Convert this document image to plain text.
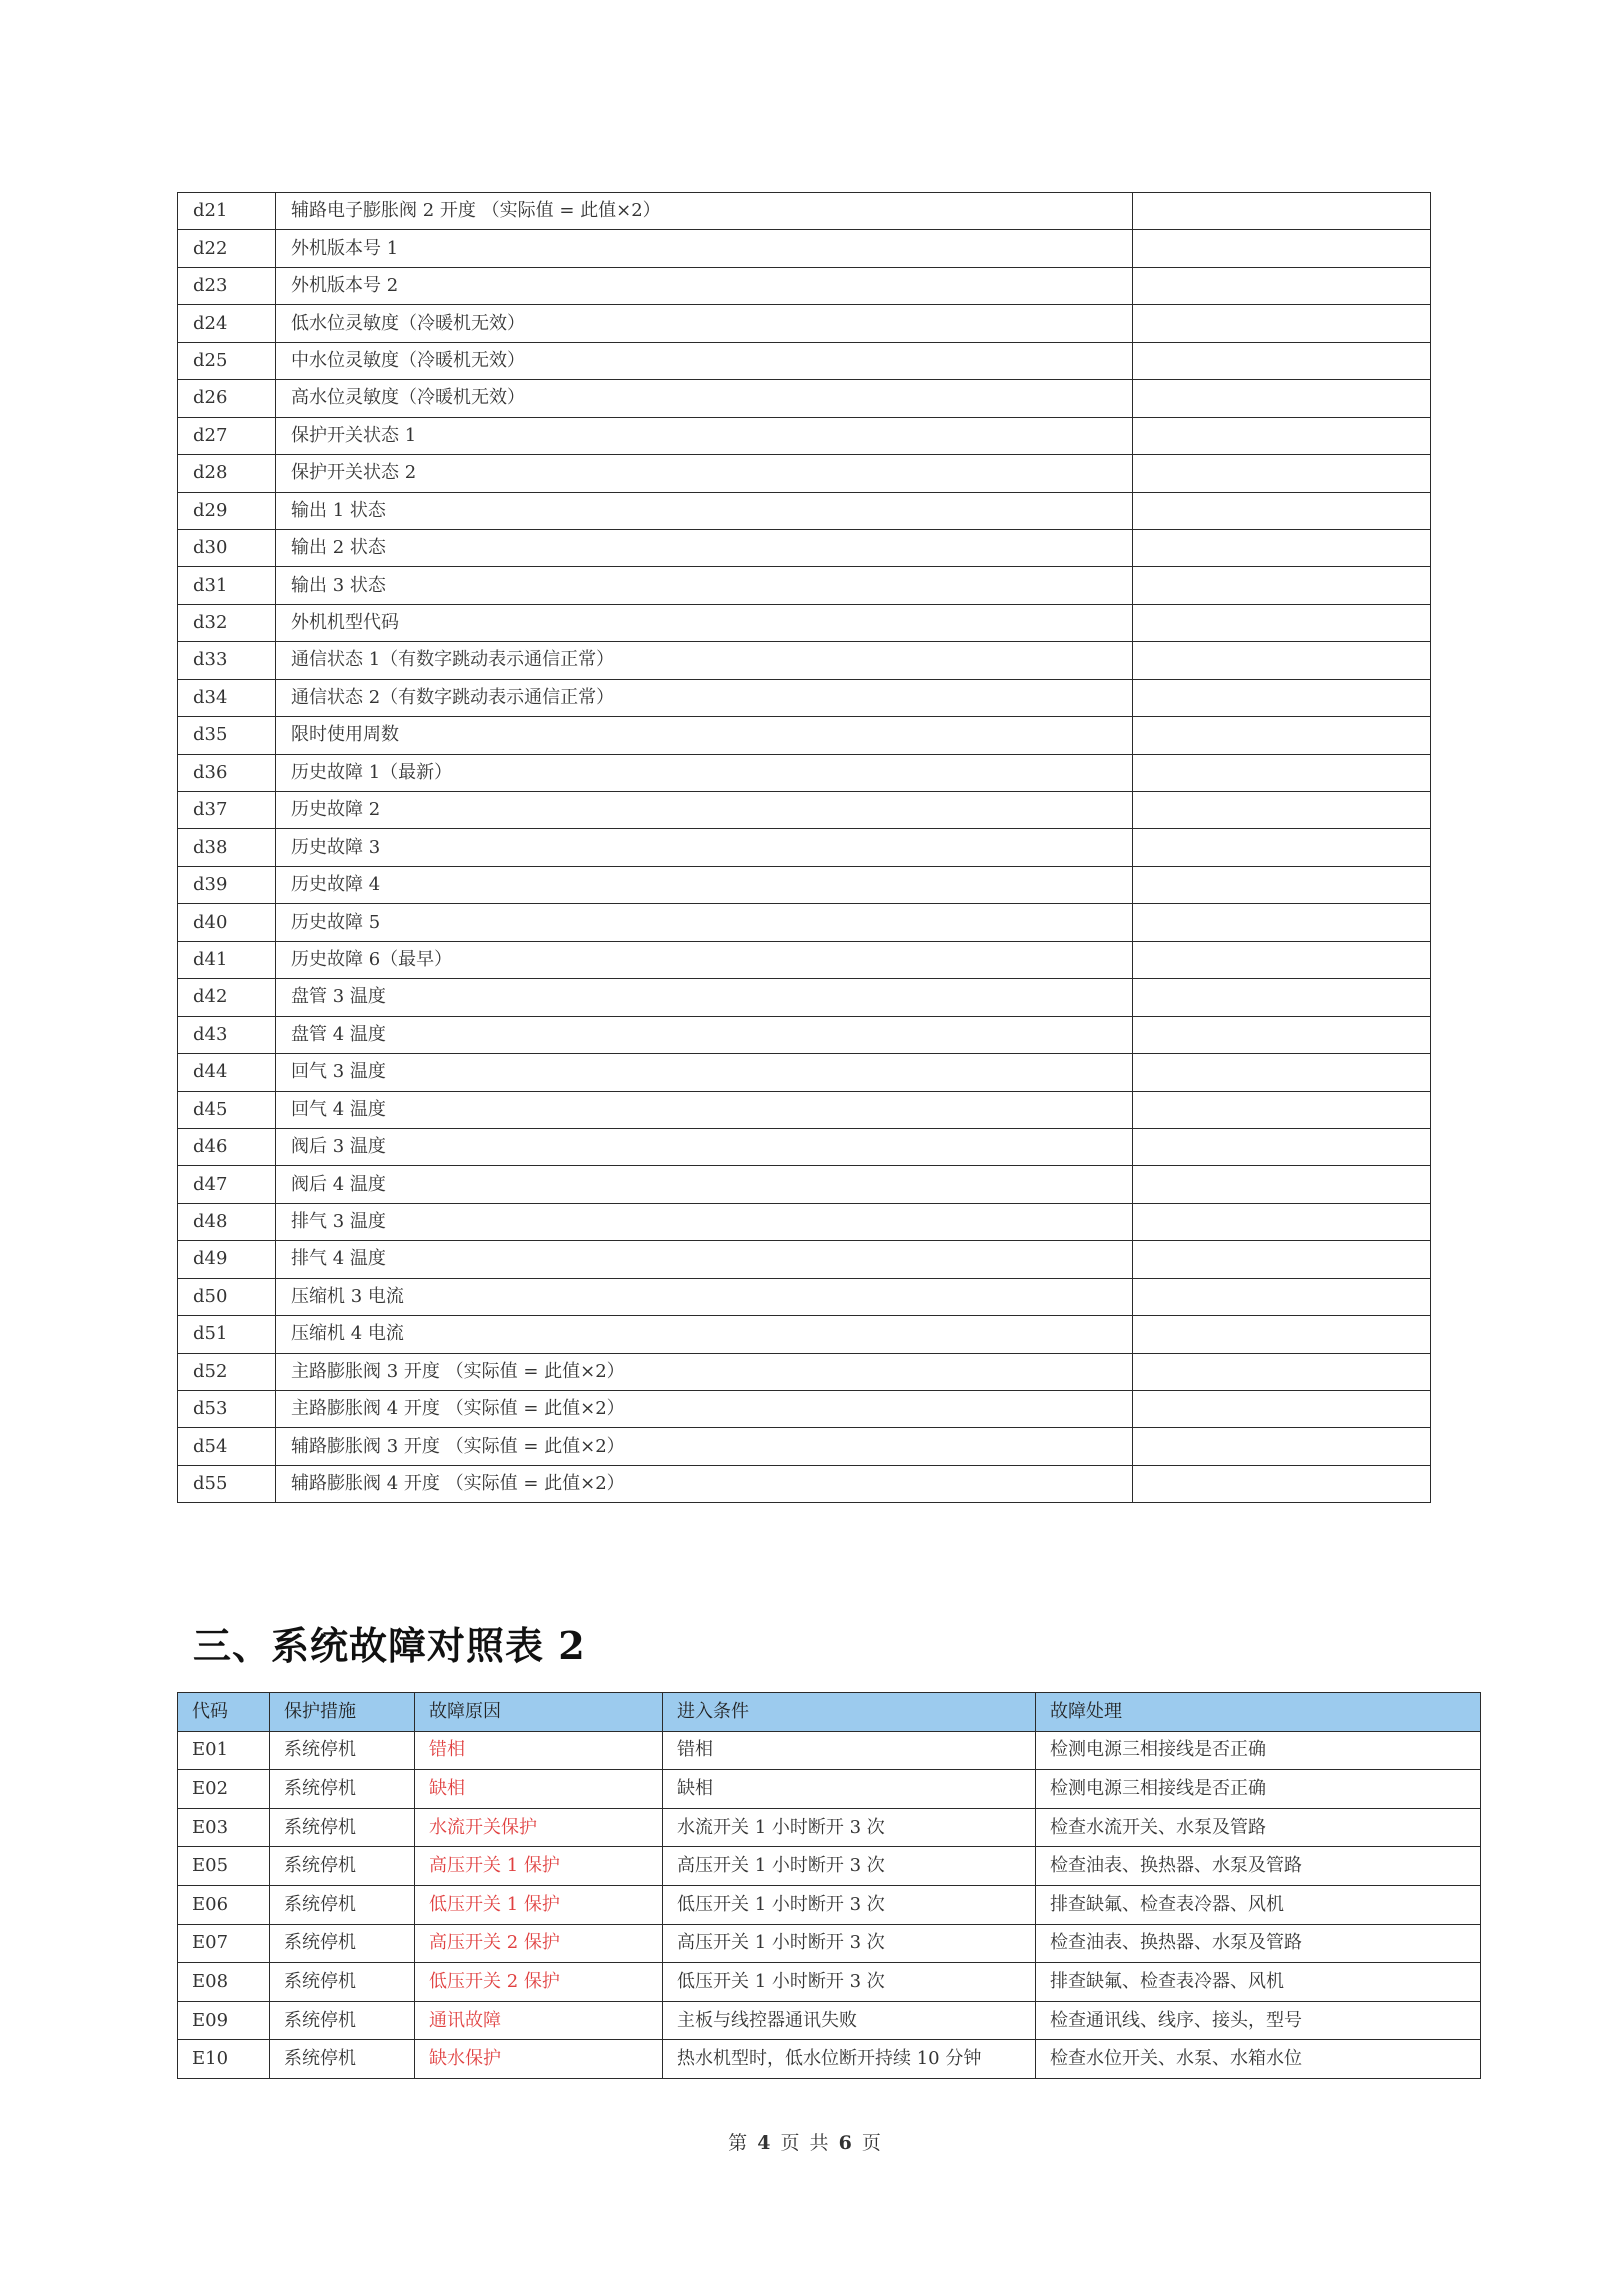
d21	辅路电子膨胀阀 2 开度 （实际值 = 此值×2）	
d22	外机版本号 1	
d23	外机版本号 2	
d24	低水位灵敏度（冷暖机无效）	
d25	中水位灵敏度（冷暖机无效）	
d26	高水位灵敏度（冷暖机无效）	
d27	保护开关状态 1	
d28	保护开关状态 2	
d29	输出 1 状态	
d30	输出 2 状态	
d31	输出 3 状态	
d32	外机机型代码	
d33	通信状态 1（有数字跳动表示通信正常）	
d34	通信状态 2（有数字跳动表示通信正常）	
d35	限时使用周数	
d36	历史故障 1（最新）	
d37	历史故障 2	
d38	历史故障 3	
d39	历史故障 4	
d40	历史故障 5	
d41	历史故障 6（最早）	
d42	盘管 3 温度	
d43	盘管 4 温度	
d44	回气 3 温度	
d45	回气 4 温度	
d46	阀后 3 温度	
d47	阀后 4 温度	
d48	排气 3 温度	
d49	排气 4 温度	
d50	压缩机 3 电流	
d51	压缩机 4 电流	
d52	主路膨胀阀 3 开度 （实际值 = 此值×2）	
d53	主路膨胀阀 4 开度 （实际值 = 此值×2）	
d54	辅路膨胀阀 3 开度 （实际值 = 此值×2）	
d55	辅路膨胀阀 4 开度 （实际值 = 此值×2）	
三、系统故障对照表 2
代码	保护措施	故障原因	进入条件	故障处理
E01	系统停机	错相	错相	检测电源三相接线是否正确
E02	系统停机	缺相	缺相	检测电源三相接线是否正确
E03	系统停机	水流开关保护	水流开关 1 小时断开 3 次	检查水流开关、水泵及管路
E05	系统停机	高压开关 1 保护	高压开关 1 小时断开 3 次	检查油表、换热器、水泵及管路
E06	系统停机	低压开关 1 保护	低压开关 1 小时断开 3 次	排查缺氟、检查表冷器、风机
E07	系统停机	高压开关 2 保护	高压开关 1 小时断开 3 次	检查油表、换热器、水泵及管路
E08	系统停机	低压开关 2 保护	低压开关 1 小时断开 3 次	排查缺氟、检查表冷器、风机
E09	系统停机	通讯故障	主板与线控器通讯失败	检查通讯线、线序、接头，型号
E10	系统停机	缺水保护	热水机型时，低水位断开持续 10 分钟	检查水位开关、水泵、水箱水位
第 4 页 共 6 页
